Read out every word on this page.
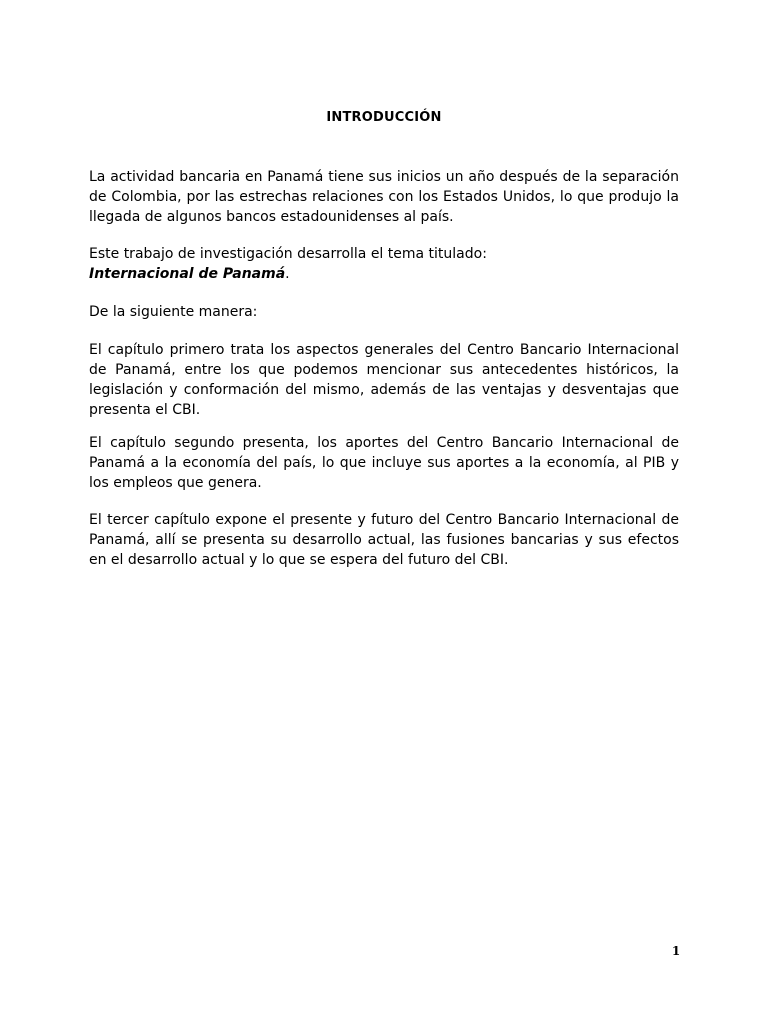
INTRODUCCIÓN

La actividad bancaria en Panamá tiene sus inicios un año después de la separación de Colombia, por las estrechas relaciones con los Estados Unidos, lo que produjo la llegada de algunos bancos estadounidenses al país.

Este trabajo de investigación desarrolla el tema titulado:
Internacional de Panamá.

De la siguiente manera:

El capítulo primero trata los aspectos generales del Centro Bancario Internacional de Panamá, entre los que podemos mencionar sus antecedentes históricos, la legislación y conformación del mismo, además de las ventajas y desventajas que presenta el CBI.

El capítulo segundo presenta, los aportes del Centro Bancario Internacional de Panamá a la economía del país, lo que incluye sus aportes a la economía, al PIB y los empleos que genera.

El tercer capítulo expone el presente y futuro del Centro Bancario Internacional de Panamá, allí se presenta su desarrollo actual, las fusiones bancarias y sus efectos en el desarrollo actual y lo que se espera del futuro del CBI.

1
